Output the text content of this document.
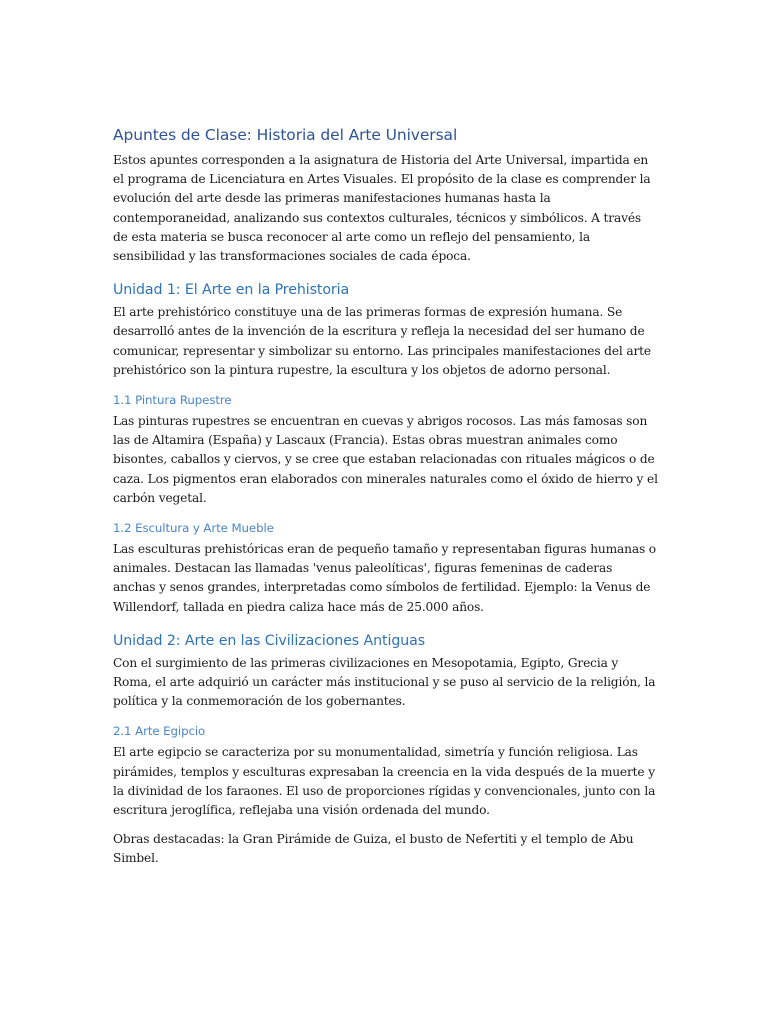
Apuntes de Clase: Historia del Arte Universal

Estos apuntes corresponden a la asignatura de Historia del Arte Universal, impartida en el programa de Licenciatura en Artes Visuales. El propósito de la clase es comprender la evolución del arte desde las primeras manifestaciones humanas hasta la contemporaneidad, analizando sus contextos culturales, técnicos y simbólicos. A través de esta materia se busca reconocer al arte como un reflejo del pensamiento, la sensibilidad y las transformaciones sociales de cada época.

Unidad 1: El Arte en la Prehistoria

El arte prehistórico constituye una de las primeras formas de expresión humana. Se desarrolló antes de la invención de la escritura y refleja la necesidad del ser humano de comunicar, representar y simbolizar su entorno. Las principales manifestaciones del arte prehistórico son la pintura rupestre, la escultura y los objetos de adorno personal.

1.1 Pintura Rupestre

Las pinturas rupestres se encuentran en cuevas y abrigos rocosos. Las más famosas son las de Altamira (España) y Lascaux (Francia). Estas obras muestran animales como bisontes, caballos y ciervos, y se cree que estaban relacionadas con rituales mágicos o de caza. Los pigmentos eran elaborados con minerales naturales como el óxido de hierro y el carbón vegetal.

1.2 Escultura y Arte Mueble

Las esculturas prehistóricas eran de pequeño tamaño y representaban figuras humanas o animales. Destacan las llamadas 'venus paleolíticas', figuras femeninas de caderas anchas y senos grandes, interpretadas como símbolos de fertilidad. Ejemplo: la Venus de Willendorf, tallada en piedra caliza hace más de 25.000 años.

Unidad 2: Arte en las Civilizaciones Antiguas

Con el surgimiento de las primeras civilizaciones en Mesopotamia, Egipto, Grecia y Roma, el arte adquirió un carácter más institucional y se puso al servicio de la religión, la política y la conmemoración de los gobernantes.

2.1 Arte Egipcio

El arte egipcio se caracteriza por su monumentalidad, simetría y función religiosa. Las pirámides, templos y esculturas expresaban la creencia en la vida después de la muerte y la divinidad de los faraones. El uso de proporciones rígidas y convencionales, junto con la escritura jeroglífica, reflejaba una visión ordenada del mundo.

Obras destacadas: la Gran Pirámide de Guiza, el busto de Nefertiti y el templo de Abu Simbel.
